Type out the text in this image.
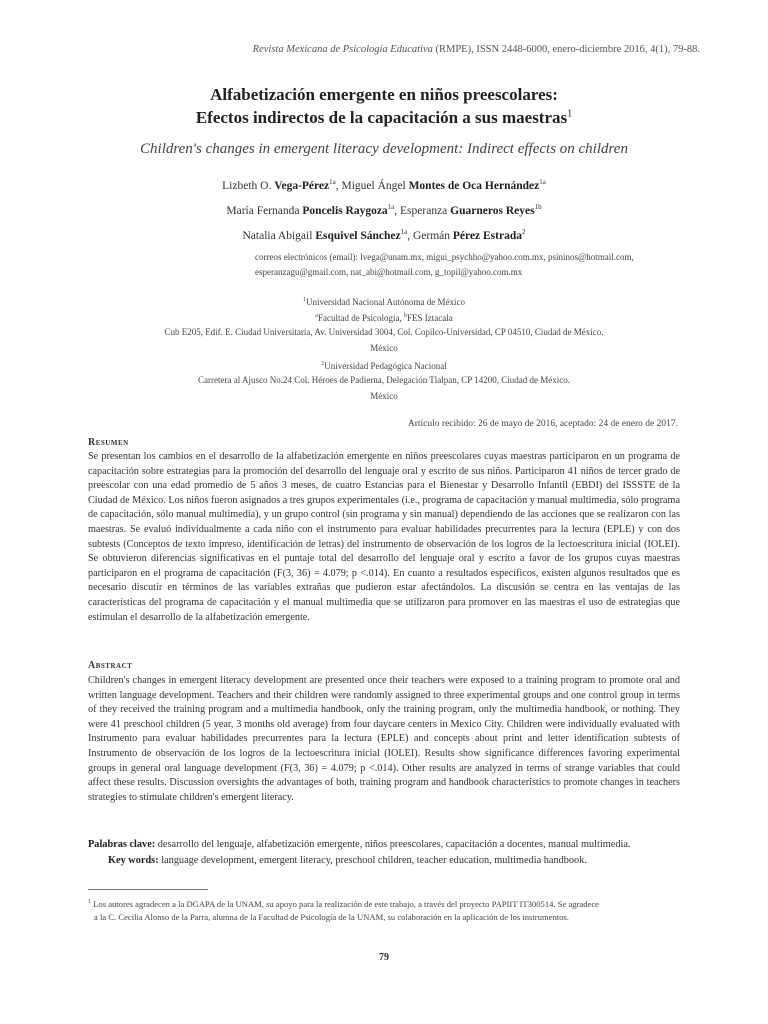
Revista Mexicana de Psicología Educativa (RMPE), ISSN 2448-6000, enero-diciembre 2016, 4(1), 79-88.
Alfabetización emergente en niños preescolares:
Efectos indirectos de la capacitación a sus maestras$^1$
Children's changes in emergent literacy development: Indirect effects on children
Lizbeth O. Vega-Pérez$^{1a}$, Miguel Ángel Montes de Oca Hernández$^{1a}$
María Fernanda Poncelis Raygoza$^{1a}$, Esperanza Guarneros Reyes$^{1b}$
Natalia Abigail Esquivel Sánchez$^{1a}$, Germán Pérez Estrada$^2$
correos electrónicos (email): lvega@unam.mx, migui_psychho@yahoo.com.mx, psininos@hotmail.com,
esperanzagu@gmail.com, nat_abi@hotmail.com, g_topil@yahoo.com.mx
$^1$Universidad Nacional Autónoma de México
$^a$Facultad de Psicología, $^b$FES Iztacala
Cub E205, Edif. E. Ciudad Universitaria, Av. Universidad 3004, Col. Copilco-Universidad, CP 04510, Ciudad de México.
México
$^2$Universidad Pedagógica Nacional
Carretera al Ajusco No.24 Col. Héroes de Padierna, Delegación Tlalpan, CP 14200, Ciudad de México.
México
Artículo recibido: 26 de mayo de 2016, aceptado: 24 de enero de 2017.
Resumen
Se presentan los cambios en el desarrollo de la alfabetización emergente en niños preescolares cuyas maestras participaron en un programa de capacitación sobre estrategias para la promoción del desarrollo del lenguaje oral y escrito de sus niños. Participaron 41 niños de tercer grado de preescolar con una edad promedio de 5 años 3 meses, de cuatro Estancias para el Bienestar y Desarrollo Infantil (EBDI) del ISSSTE de la Ciudad de México. Los niños fueron asignados a tres grupos experimentales (i.e., programa de capacitación y manual multimedia, sólo programa de capacitación, sólo manual multimedia), y un grupo control (sin programa y sin manual) dependiendo de las acciones que se realizaron con las maestras. Se evaluó individualmente a cada niño con el instrumento para evaluar habilidades precurrentes para la lectura (EPLE) y con dos subtests (Conceptos de texto impreso, identificación de letras) del instrumento de observación de los logros de la lectoescritura inicial (IOLEI). Se obtuvieron diferencias significativas en el puntaje total del desarrollo del lenguaje oral y escrito a favor de los grupos cuyas maestras participaron en el programa de capacitación (F(3, 36) = 4.079; p <.014). En cuanto a resultados específicos, existen algunos resultados que es necesario discutir en términos de las variables extrañas que pudieron estar afectándolos. La discusión se centra en las ventajas de las características del programa de capacitación y el manual multimedia que se utilizaron para promover en las maestras el uso de estrategias que estimulan el desarrollo de la alfabetización emergente.
Abstract
Children's changes in emergent literacy development are presented once their teachers were exposed to a training program to promote oral and written language development. Teachers and their children were randomly assigned to three experimental groups and one control group in terms of they received the training program and a multimedia handbook, only the training program, only the multimedia handbook, or nothing. They were 41 preschool children (5 year, 3 months old average) from four daycare centers in Mexico City. Children were individually evaluated with Instrumento para evaluar habilidades precurrentes para la lectura (EPLE) and concepts about print and letter identification subtests of Instrumento de observación de los logros de la lectoescritura inicial (IOLEI). Results show significance differences favoring experimental groups in general oral language development (F(3, 36) = 4.079; p <.014). Other results are analyzed in terms of strange variables that could affect these results. Discussion oversights the advantages of both, training program and handbook characteristics to promote changes in teachers strategies to stimulate children's emergent literacy.
Palabras clave: desarrollo del lenguaje, alfabetización emergente, niños preescolares, capacitación a docentes, manual multimedia.
Key words: language development, emergent literacy, preschool children, teacher education, multimedia handbook.
$^1$ Los autores agradecen a la DGAPA de la UNAM, su apoyo para la realización de este trabajo, a través del proyecto PAPIIT IT300514. Se agradece
a la C. Cecilia Alonso de la Parra, alumna de la Facultad de Psicología de la UNAM, su colaboración en la aplicación de los instrumentos.
79
